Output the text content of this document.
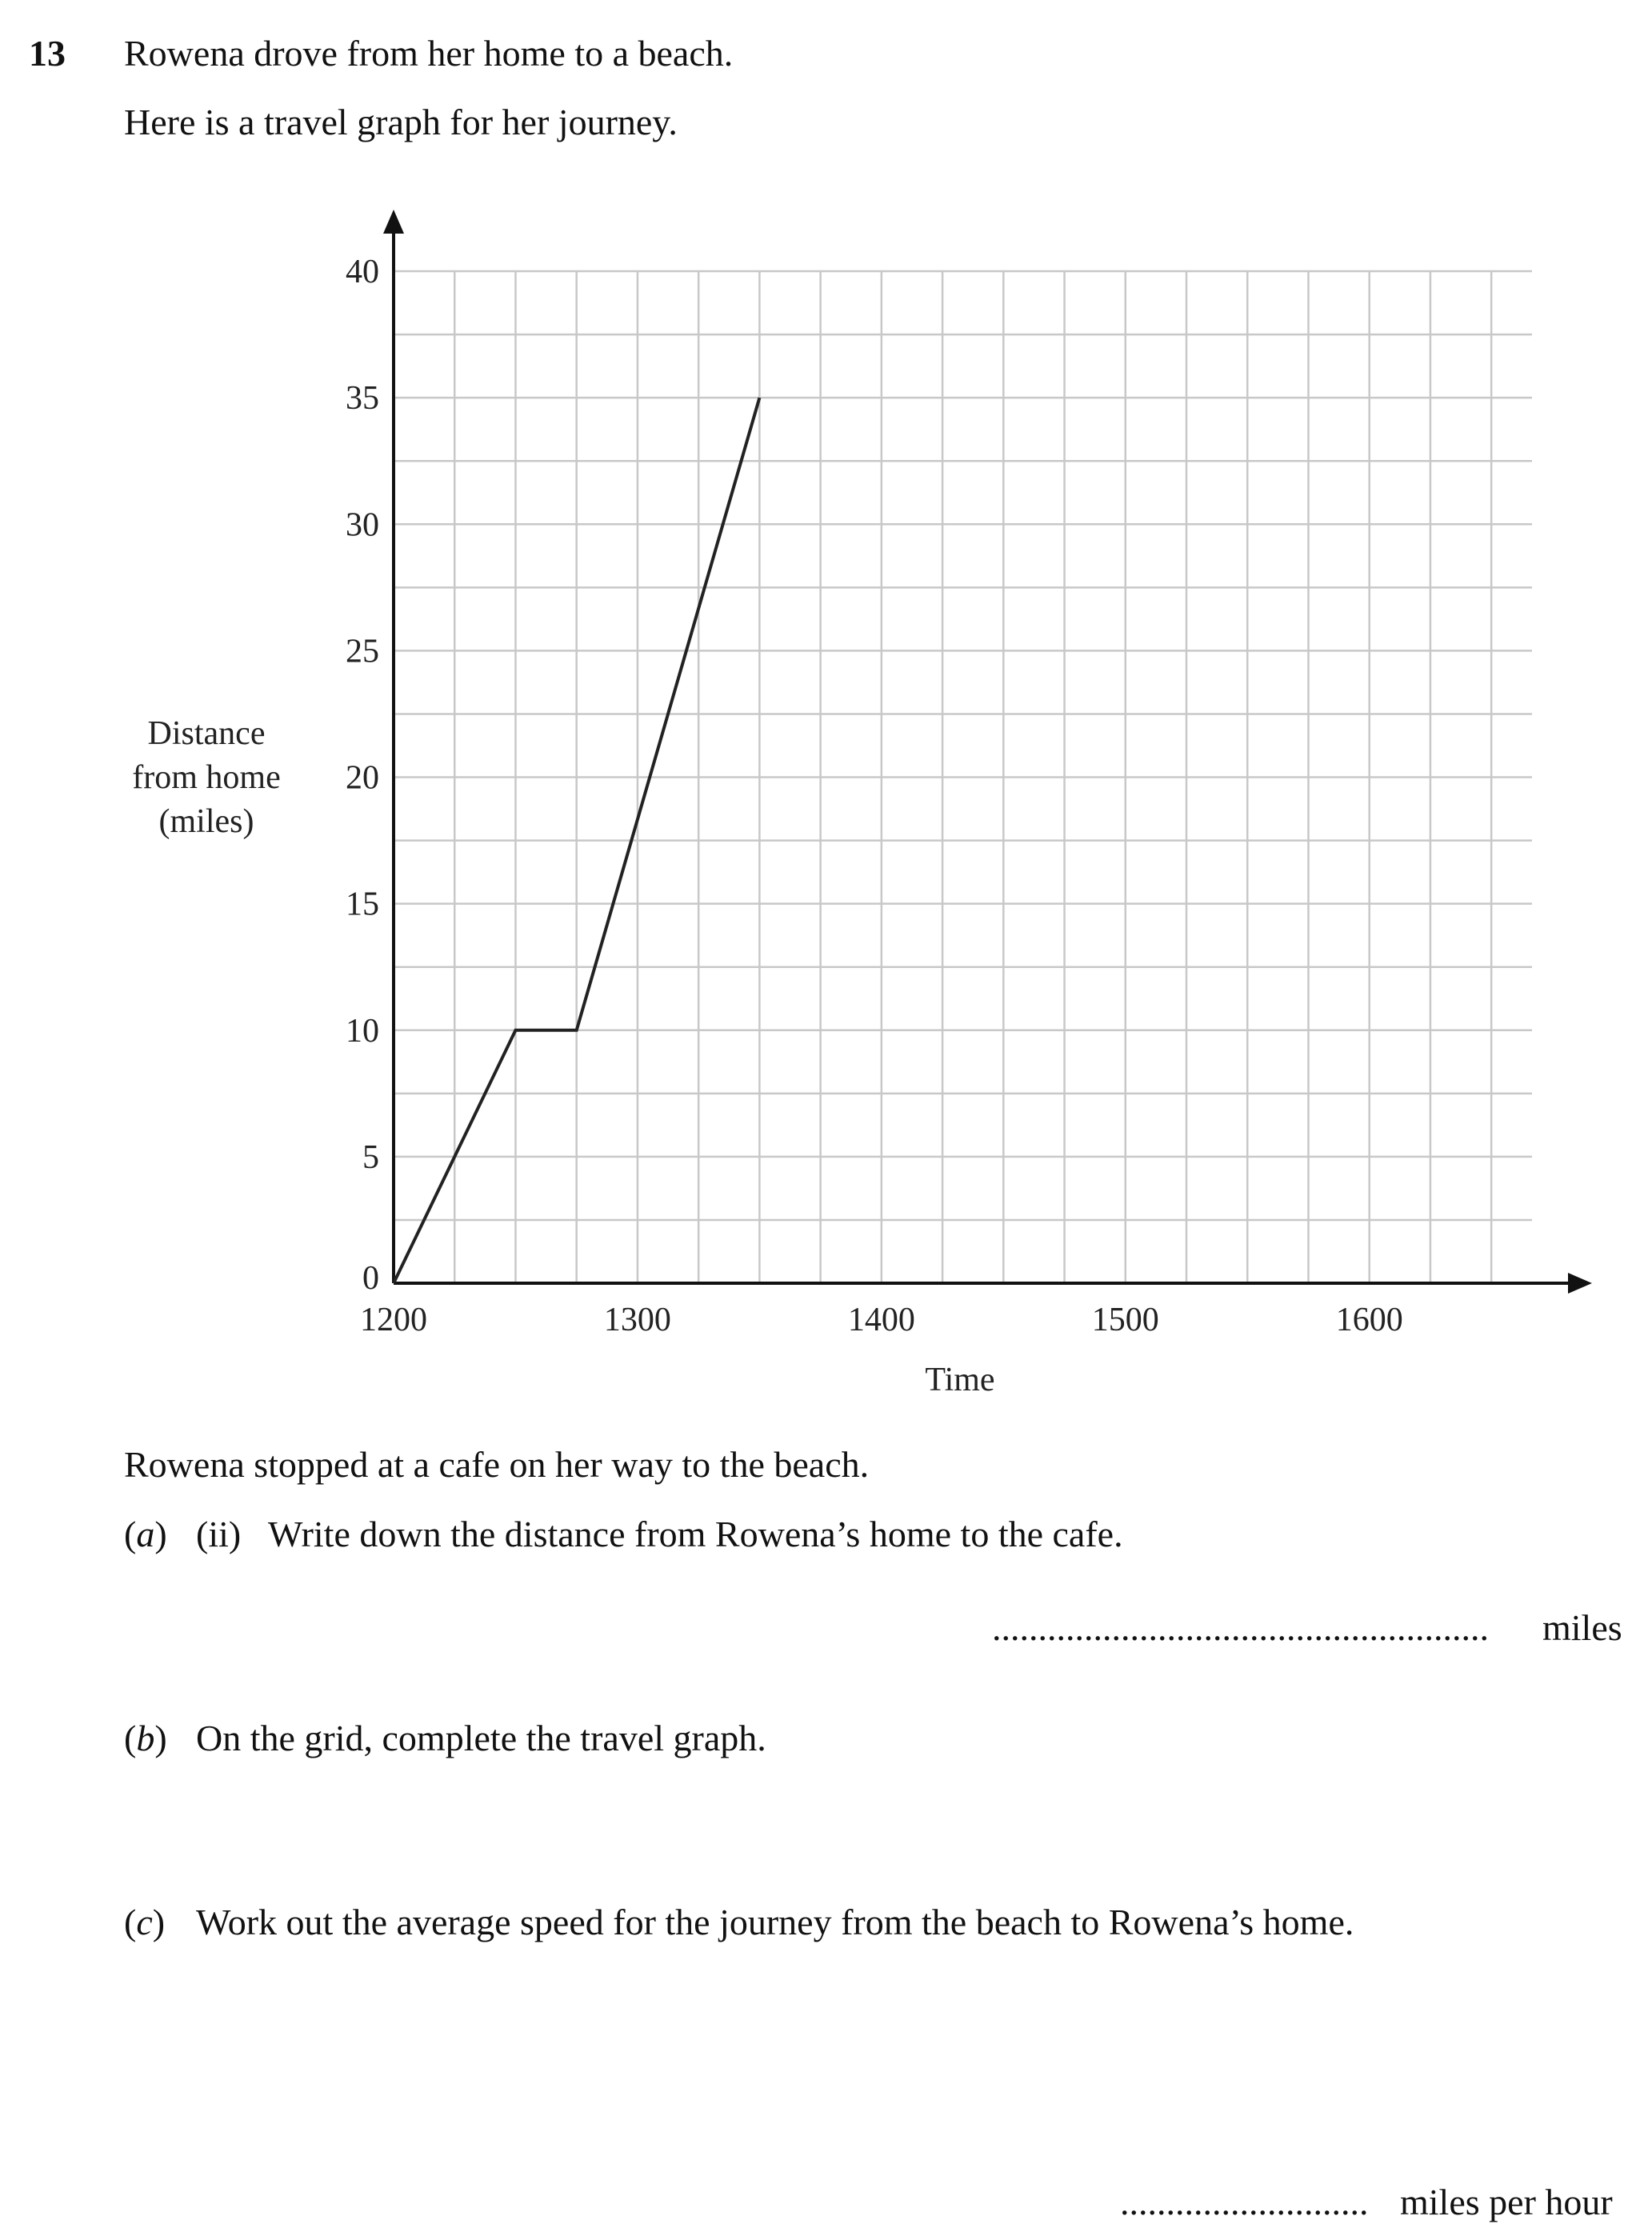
13 Rowena drove from her home to a beach.
Here is a travel graph for her journey.
0
5
10
15
20
25
30
35
40
1200	1300	1400	1500	1600
Time
Distance
from home
(miles)
Rowena stopped at a cafe on her way to the beach.
(a) (ii) Write down the distance from Rowena’s home to the cafe.
...................................................... miles
(b) On the grid, complete the travel graph.
(c) Work out the average speed for the journey from the beach to Rowena’s home.
........................... miles per hour
